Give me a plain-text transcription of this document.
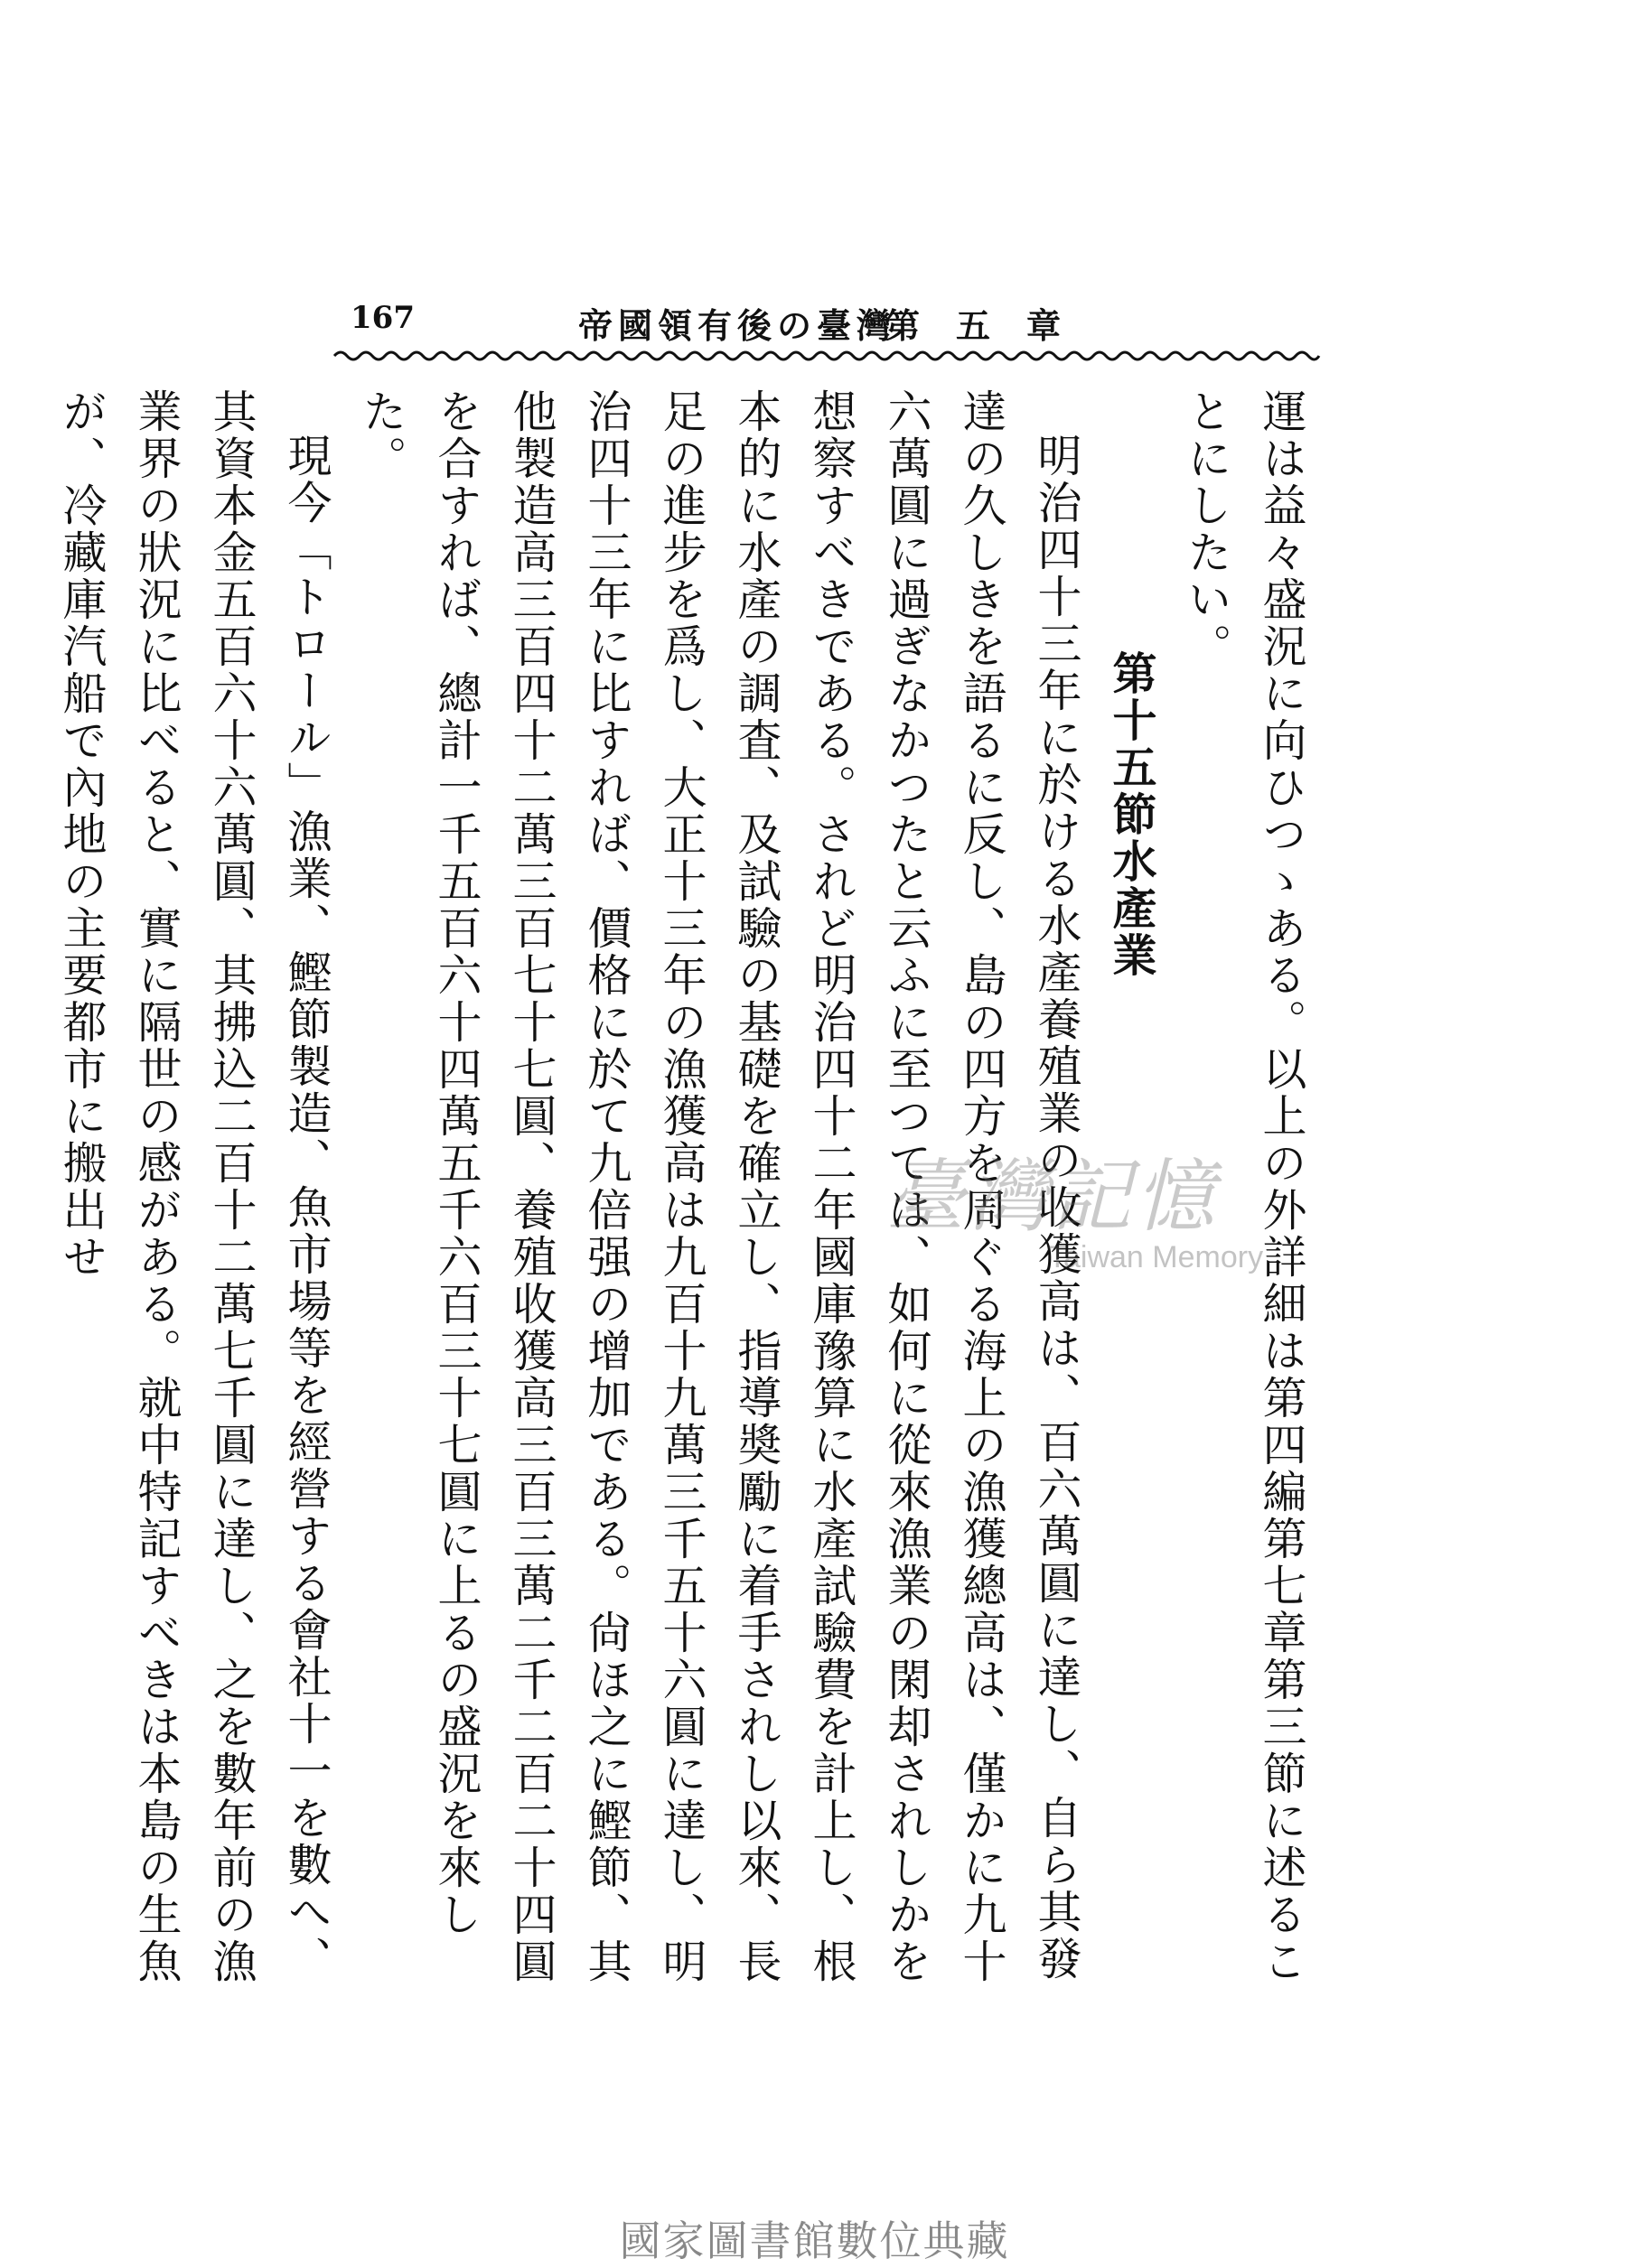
167	第五章
帝國領有後の臺灣

運は益々盛況に向ひつゝある。以上の外詳細は第四編第七章第三節に述ることにしたい。

第十五節水產業

明治四十三年に於ける水產養殖業の收獲高は、百六萬圓に達し、自ら其發達の久しきを語るに反し、島の四方を周ぐる海上の漁獲總高は、僅かに九十六萬圓に過ぎなかつたと云ふに至つては、如何に從來漁業の閑却されしかを想察すべきである。されど明治四十二年國庫豫算に水產試驗費を計上し、根本的に水產の調査、及試驗の基礎を確立し、指導奬勵に着手されし以來、長足の進步を爲し、大正十三年の漁獲高は九百十九萬三千五十六圓に達し、明治四十三年に比すれば、價格に於て九倍强の增加である。尙ほ之に鰹節、其他製造高三百四十二萬三百七十七圓、養殖收獲高三百三萬二千二百二十四圓を合すれば、總計一千五百六十四萬五千六百三十七圓に上るの盛況を來した。

現今「トロール」漁業、鰹節製造、魚市場等を經營する會社十一を數へ、其資本金五百六十六萬圓、其拂込二百十二萬七千圓に達し、之を數年前の漁業界の狀況に比べると、實に隔世の感がある。就中特記すべきは本島の生魚が、冷藏庫汽船で內地の主要都市に搬出せ	臺灣記憶
Taiwan Memory
國家圖書館數位典藏
